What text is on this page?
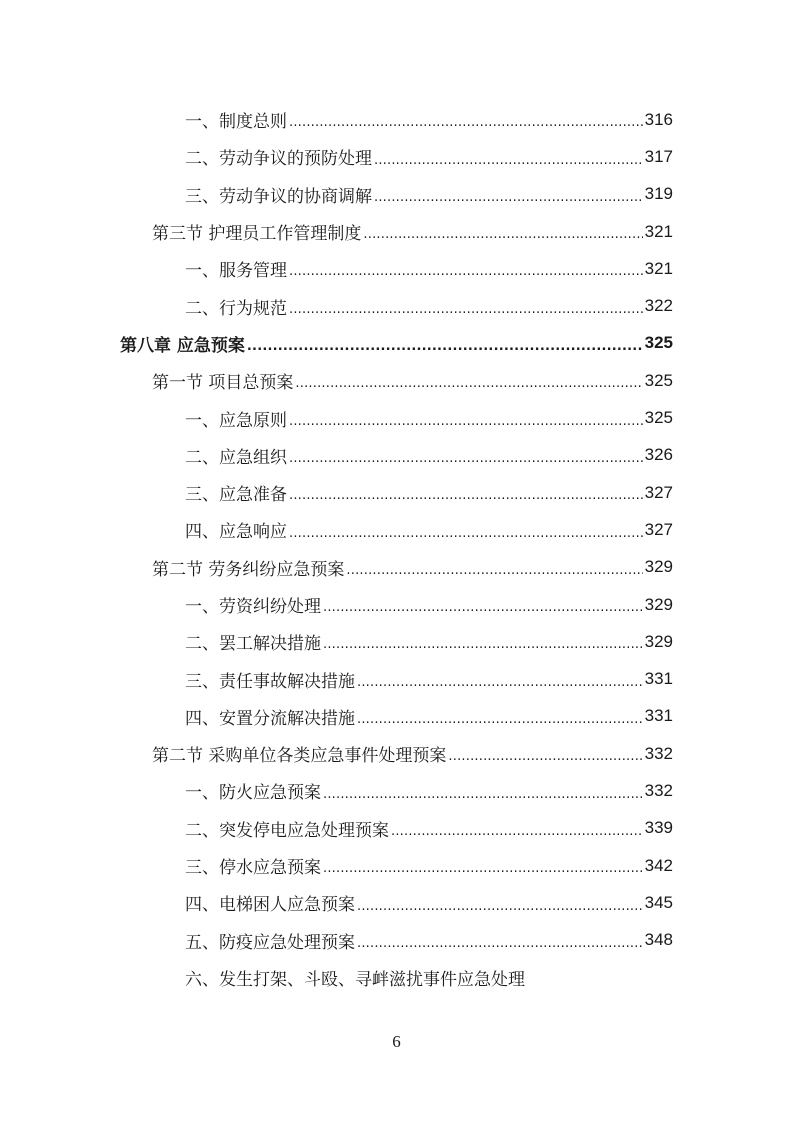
一、制度总则 .....	316
二、劳动争议的预防处理 .....	317
三、劳动争议的协商调解 .....	319
第三节 护理员工作管理制度 .....	321
一、服务管理 .....	321
二、行为规范 .....	322
第八章 应急预案 .....	325
第一节 项目总预案 .....	325
一、应急原则 .....	325
二、应急组织 .....	326
三、应急准备 .....	327
四、应急响应 .....	327
第二节 劳务纠纷应急预案 .....	329
一、劳资纠纷处理 .....	329
二、罢工解决措施 .....	329
三、责任事故解决措施 .....	331
四、安置分流解决措施 .....	331
第二节 采购单位各类应急事件处理预案 .....	332
一、防火应急预案 .....	332
二、突发停电应急处理预案 .....	339
三、停水应急预案 .....	342
四、电梯困人应急预案 .....	345
五、防疫应急处理预案 .....	348
六、发生打架、斗殴、寻衅滋扰事件应急处理
6
